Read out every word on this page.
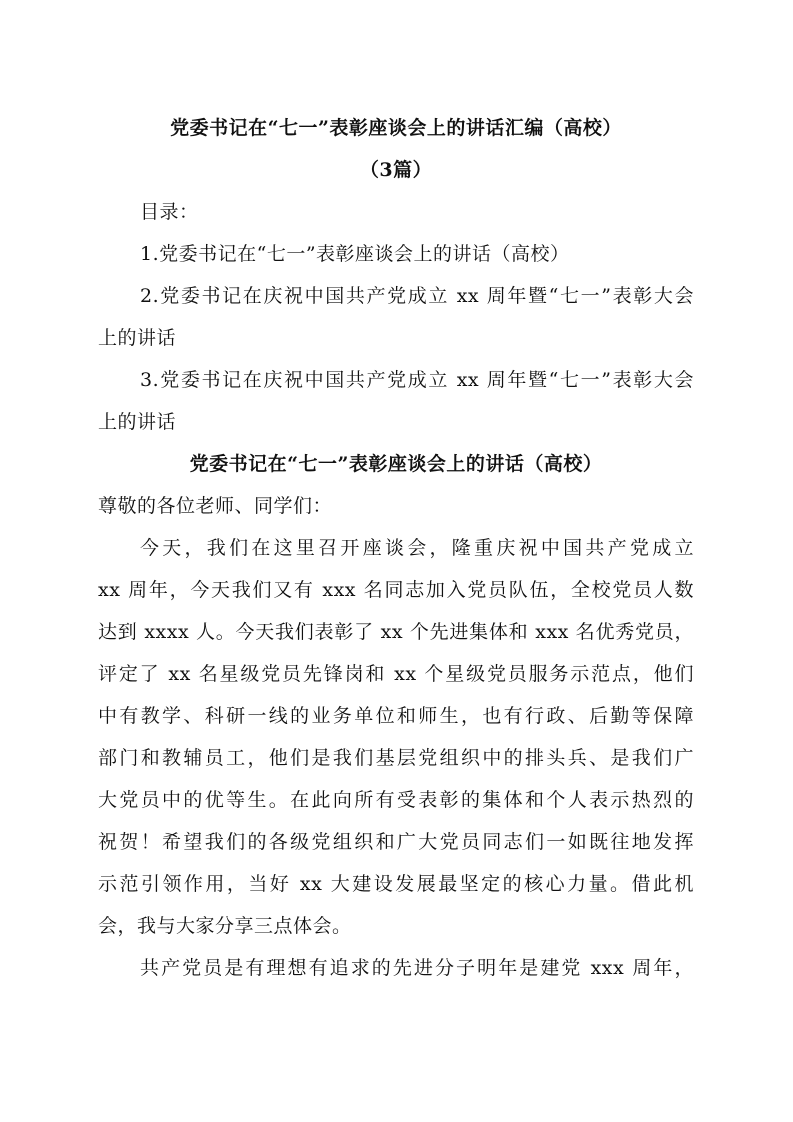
党委书记在“七一”表彰座谈会上的讲话汇编（高校）
（3篇）
目录：
1.党委书记在“七一”表彰座谈会上的讲话（高校）
2.党委书记在庆祝中国共产党成立 xx 周年暨“七一”表彰大会
上的讲话
3.党委书记在庆祝中国共产党成立 xx 周年暨“七一”表彰大会
上的讲话
党委书记在“七一”表彰座谈会上的讲话（高校）
尊敬的各位老师、同学们：
今天，我们在这里召开座谈会，隆重庆祝中国共产党成立
xx 周年，今天我们又有 xxx 名同志加入党员队伍，全校党员人数
达到 xxxx 人。今天我们表彰了 xx 个先进集体和 xxx 名优秀党员，
评定了 xx 名星级党员先锋岗和 xx 个星级党员服务示范点，他们
中有教学、科研一线的业务单位和师生，也有行政、后勤等保障
部门和教辅员工，他们是我们基层党组织中的排头兵、是我们广
大党员中的优等生。在此向所有受表彰的集体和个人表示热烈的
祝贺！希望我们的各级党组织和广大党员同志们一如既往地发挥
示范引领作用，当好 xx 大建设发展最坚定的核心力量。借此机
会，我与大家分享三点体会。
共产党员是有理想有追求的先进分子明年是建党 xxx 周年，
